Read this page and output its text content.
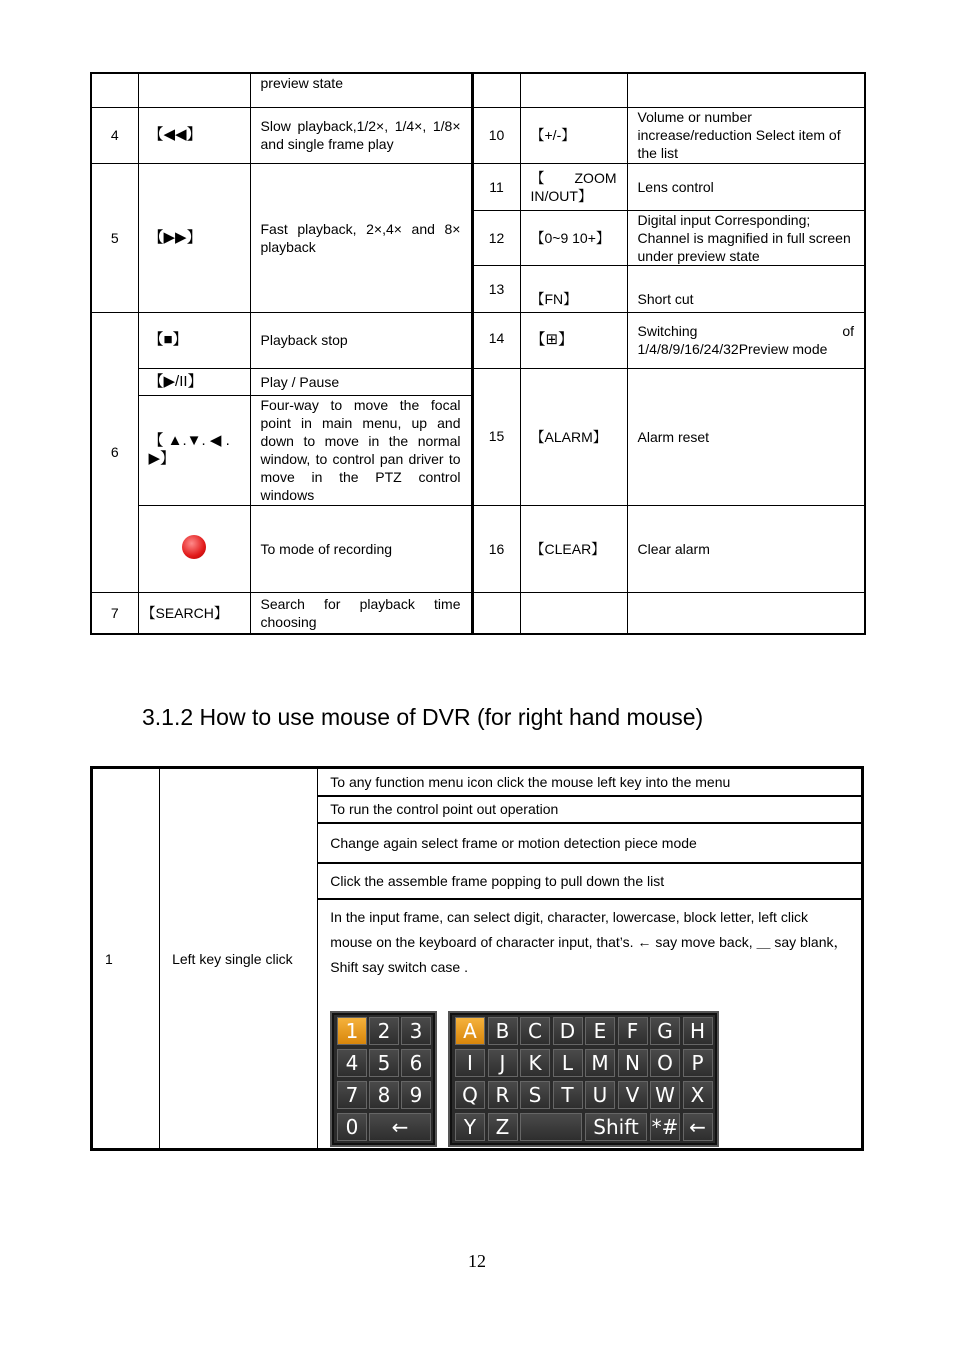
		preview state			
4	【◀◀】	Slow playback,1/2×, 1/4×, 1/8× and single frame play	10	【+/-】	Volume or number increase/reduction Select item of the list
5	【▶▶】	Fast playback, 2×,4× and 8× playback	11	【 ZOOM IN/OUT】	Lens control
			12	【0~9 10+】	Digital input Corresponding; Channel is magnified in full screen under preview state
			13	【FN】	Short cut
6	【■】	Playback stop	14	【⊞】	Switching of 1/4/8/9/16/24/32Preview mode
	【▶/II】	Play / Pause	15	【ALARM】	Alarm reset
	【 ▲.▼. ◀ . ▶】	Four-way to move the focal point in main menu, up and down to move in the normal window, to control pan driver to move in the PTZ control windows			
		To mode of recording	16	【CLEAR】	Clear alarm
7	【SEARCH】	Search for playback time choosing			
3.1.2 How to use mouse of DVR (for right hand mouse)
1	Left key single click	To any function menu icon click the mouse left key into the menu
To run the control point out operation
Change again select frame or motion detection piece mode
Click the assemble frame popping to pull down the list

In the input frame, can select digit, character, lowercase, block letter, left click mouse on the keyboard of character input, that’s. ← say move back, ＿ say blank，Shift say switch case .
1 2 3
4 5 6
7 8 9
0	←
A B C D E	F G H
I	J	K	L M N O P
Q R S	T U V W X
Y Z	Shift *# ←
12
